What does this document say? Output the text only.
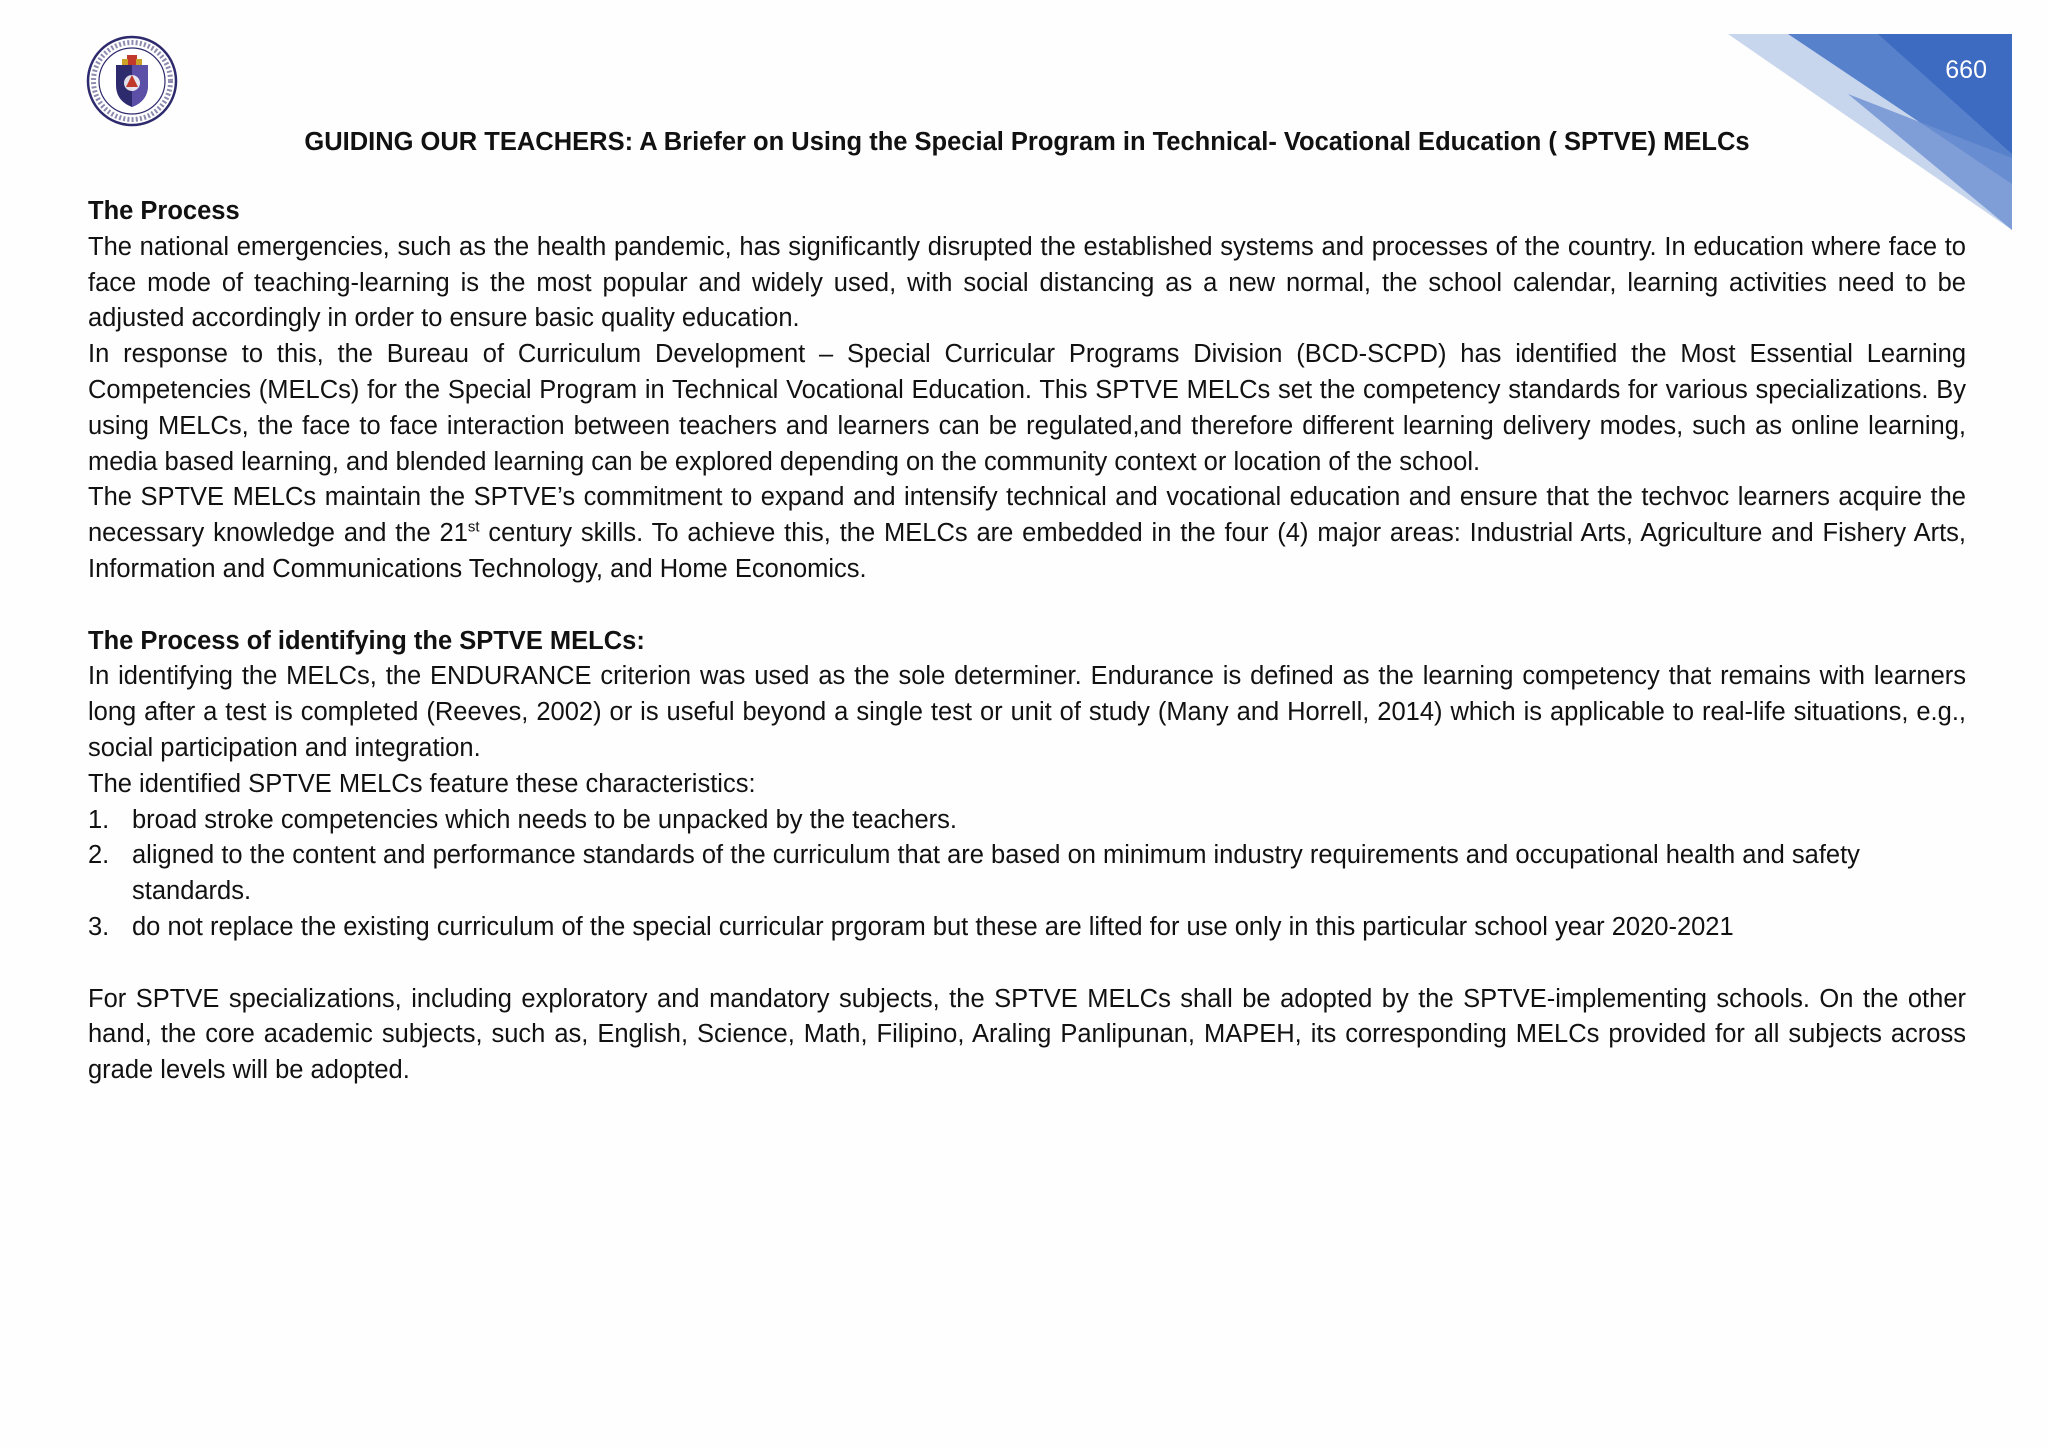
660
GUIDING OUR TEACHERS: A Briefer on Using the Special Program in Technical- Vocational Education ( SPTVE) MELCs
The Process

The national emergencies, such as the health pandemic, has significantly disrupted the established systems and processes of the country. In education where face to face mode of teaching-learning is the most popular and widely used, with social distancing as a new normal, the school calendar, learning activities need to be adjusted accordingly in order to ensure basic quality education.

In response to this, the Bureau of Curriculum Development – Special Curricular Programs Division (BCD-SCPD) has identified the Most Essential Learning Competencies (MELCs) for the Special Program in Technical Vocational Education. This SPTVE MELCs set the competency standards for various specializations. By using MELCs, the face to face interaction between teachers and learners can be regulated,and therefore different learning delivery modes, such as online learning, media based learning, and blended learning can be explored depending on the community context or location of the school.

The SPTVE MELCs maintain the SPTVE’s commitment to expand and intensify technical and vocational education and ensure that the techvoc learners acquire the necessary knowledge and the 21st century skills. To achieve this, the MELCs are embedded in the four (4) major areas: Industrial Arts, Agriculture and Fishery Arts, Information and Communications Technology, and Home Economics.

The Process of identifying the SPTVE MELCs:

In identifying the MELCs, the ENDURANCE criterion was used as the sole determiner. Endurance is defined as the learning competency that remains with learners long after a test is completed (Reeves, 2002) or is useful beyond a single test or unit of study (Many and Horrell, 2014) which is applicable to real-life situations, e.g., social participation and integration.

The identified SPTVE MELCs feature these characteristics:

1. broad stroke competencies which needs to be unpacked by the teachers.
2. aligned to the content and performance standards of the curriculum that are based on minimum industry requirements and occupational health and safety standards.
3. do not replace the existing curriculum of the special curricular prgoram but these are lifted for use only in this particular school year 2020-2021

For SPTVE specializations, including exploratory and mandatory subjects, the SPTVE MELCs shall be adopted by the SPTVE-implementing schools. On the other hand, the core academic subjects, such as, English, Science, Math, Filipino, Araling Panlipunan, MAPEH, its corresponding MELCs provided for all subjects across grade levels will be adopted.
